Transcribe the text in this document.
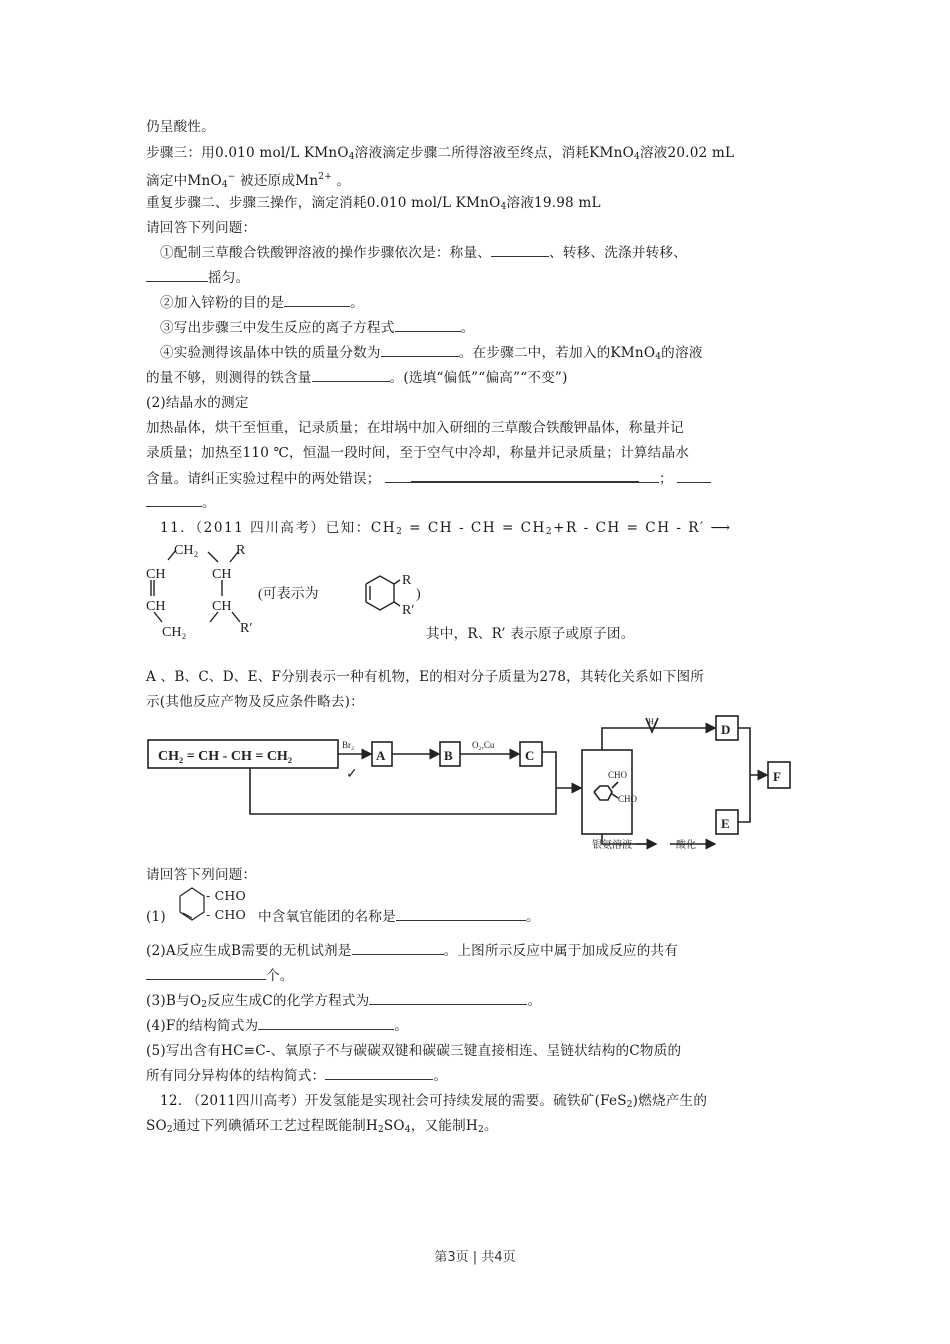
仍呈酸性。
步骤三：用0.010 mol/L KMnO$_4$溶液滴定步骤二所得溶液至终点，消耗KMnO$_4$溶液20.02 mL
滴定中MnO$_4$− 被还原成$Mn^{2+}$ 。
重复步骤二、步骤三操作，滴定消耗0.010 mol/L KMnO$_4$溶液19.98 mL
请回答下列问题：
①配制三草酸合铁酸钾溶液的操作步骤依次是：称量、	、转移、洗涤并转移、
摇匀。
②加入锌粉的目的是	。
③写出步骤三中发生反应的离子方程式	。
④实验测得该晶体中铁的质量分数为	。在步骤二中，若加入的KMnO$_4$的溶液
的量不够，则测得的铁含量	。(选填“偏低”“偏高”“不变”)
(2)结晶水的测定
加热晶体，烘干至恒重，记录质量；在坩埚中加入研细的三草酸合铁酸钾晶体，称量并记
录质量；加热至110 ℃，恒温一段时间，至于空气中冷却，称量并记录质量；计算结晶水
含量。请纠正实验过程中的两处错误；	；
。
11．（2011 四川高考）已知：$CH_2$ = CH - CH = $CH_2+R$ - CH = CH - R′ ⟶
CH₂	R
CH	CH
CH	CH
R′
CH₂
R
R′
(可表示为	)
其中，R、R’ 表示原子或原子团。
A 、B、C、D、E、F分别表示一种有机物，E的相对分子质量为278，其转化关系如下图所
示(其他反应产物及反应条件略去)：
CH₂ = CH - CH = CH₂
Br₂
✓
A	B
O₂,Cu
C
CHO
CHO
H₂
D
F
E
银氨溶液	酸化
请回答下列问题：
(1)
- CHO
- CHO 中含氧官能团的名称是	。
(2)A反应生成B需要的无机试剂是	。上图所示反应中属于加成反应的共有
个。
(3)B与$O_2$反应生成C的化学方程式为	。
(4)F的结构简式为	。
(5)写出含有HC≡C-、氧原子不与碳碳双键和碳碳三键直接相连、呈链状结构的C物质的
所有同分异构体的结构简式：	。
12. （2011四川高考）开发氢能是实现社会可持续发展的需要。硫铁矿(FeS$_2$)燃烧产生的
$SO_2$通过下列碘循环工艺过程既能制$H_2SO_4$，又能制$H_2$。
第3页 | 共4页
